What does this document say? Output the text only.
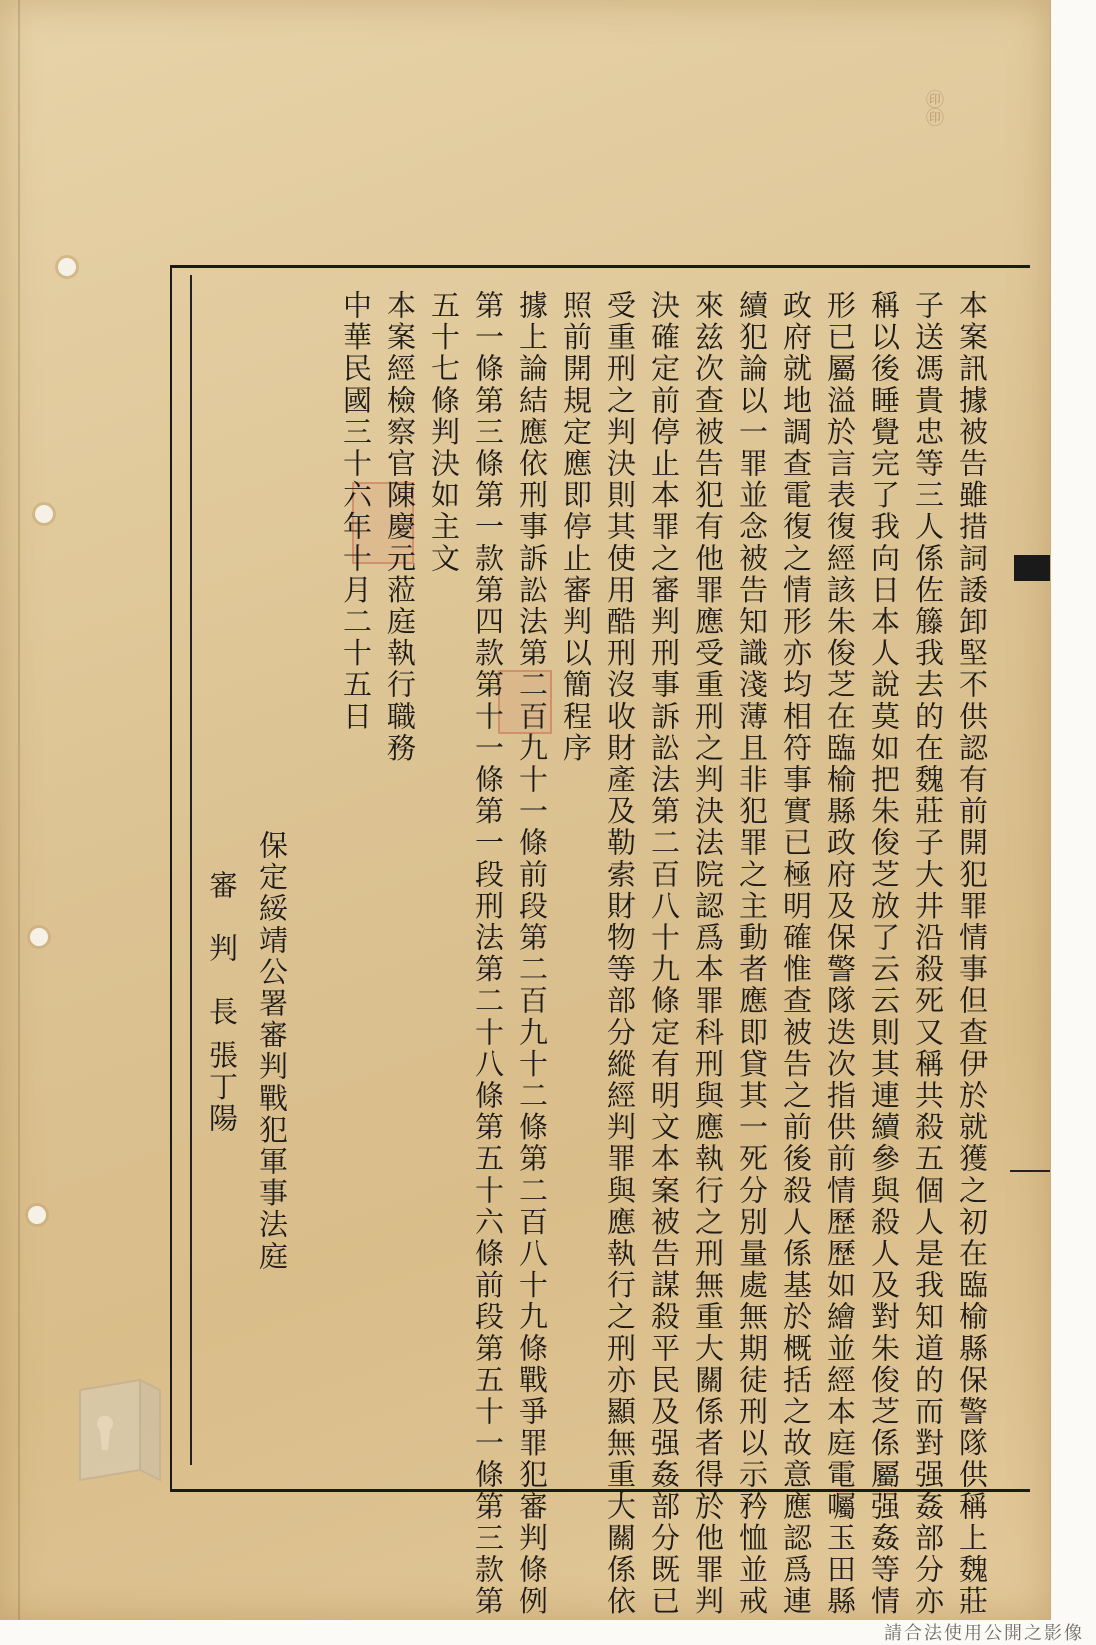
㊞㊞
本案訊據被告雖措詞諉卸堅不供認有前開犯罪情事但查伊於就獲之初在臨榆縣保警隊供稱上魏莊
子送馮貴忠等三人係佐籐我去的在魏莊子大井沿殺死又稱共殺五個人是我知道的而對强姦部分亦
稱以後睡覺完了我向日本人說莫如把朱俊芝放了云云則其連續參與殺人及對朱俊芝係屬强姦等情
形已屬溢於言表復經該朱俊芝在臨榆縣政府及保警隊迭次指供前情歷歷如繪並經本庭電囑玉田縣
政府就地調查電復之情形亦均相符事實已極明確惟查被告之前後殺人係基於概括之故意應認爲連
續犯論以一罪並念被告知識淺薄且非犯罪之主動者應即貸其一死分別量處無期徒刑以示矜恤並戒
來兹次查被告犯有他罪應受重刑之判決法院認爲本罪科刑與應執行之刑無重大關係者得於他罪判
決確定前停止本罪之審判刑事訴訟法第二百八十九條定有明文本案被告謀殺平民及强姦部分既已
受重刑之判決則其使用酷刑沒收財產及勒索財物等部分縱經判罪與應執行之刑亦顯無重大關係依
照前開規定應即停止審判以簡程序
據上論結應依刑事訴訟法第二百九十一條前段第二百九十二條第二百八十九條戰爭罪犯審判條例
第一條第三條第一款第四款第十一條第一段刑法第二十八條第五十六條前段第五十一條第三款第
五十七條判決如主文
本案經檢察官陳慶元蒞庭執行職務
中華民國三十六年十月二十五日
保定綏靖公署審判戰犯軍事法庭
審　判　長
張丁陽
請合法使用公開之影像
